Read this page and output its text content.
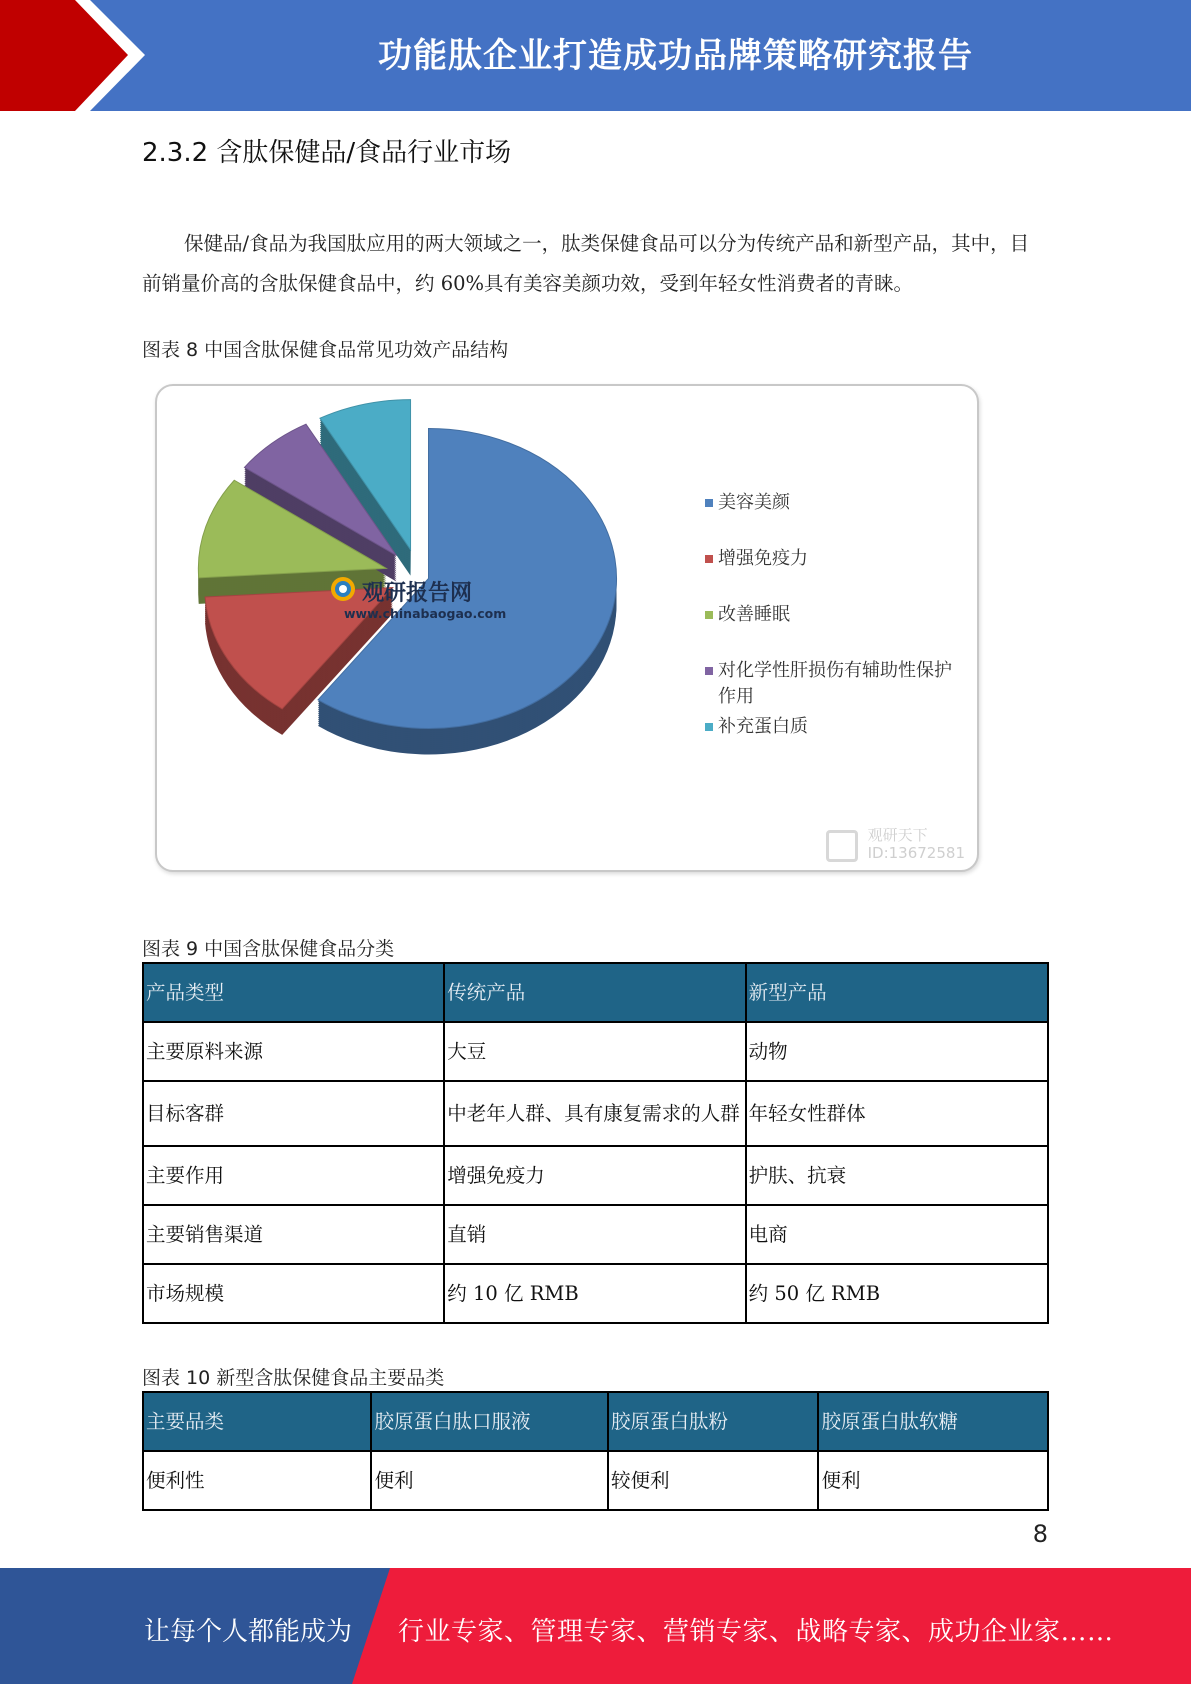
功能肽企业打造成功品牌策略研究报告
2.3.2 含肽保健品/食品行业市场
保健品/食品为我国肽应用的两大领域之一，肽类保健食品可以分为传统产品和新型产品，其中，目前销量价高的含肽保健食品中，约 60%具有美容美颜功效，受到年轻女性消费者的青睐。
图表 8 中国含肽保健食品常见功效产品结构
观研报告网
www.chinabaogao.com
美容美颜
增强免疫力
改善睡眠
对化学性肝损伤有辅助性保护作用
补充蛋白质
观研天下
ID:13672581
图表 9 中国含肽保健食品分类
产品类型	传统产品	新型产品
主要原料来源	大豆	动物
目标客群	中老年人群、具有康复需求的人群	年轻女性群体
主要作用	增强免疫力	护肤、抗衰
主要销售渠道	直销	电商
市场规模	约 10 亿 RMB	约 50 亿 RMB
图表 10 新型含肽保健食品主要品类
主要品类	胶原蛋白肽口服液	胶原蛋白肽粉	胶原蛋白肽软糖
便利性	便利	较便利	便利
8
让每个人都能成为 行业专家、管理专家、营销专家、战略专家、成功企业家……
